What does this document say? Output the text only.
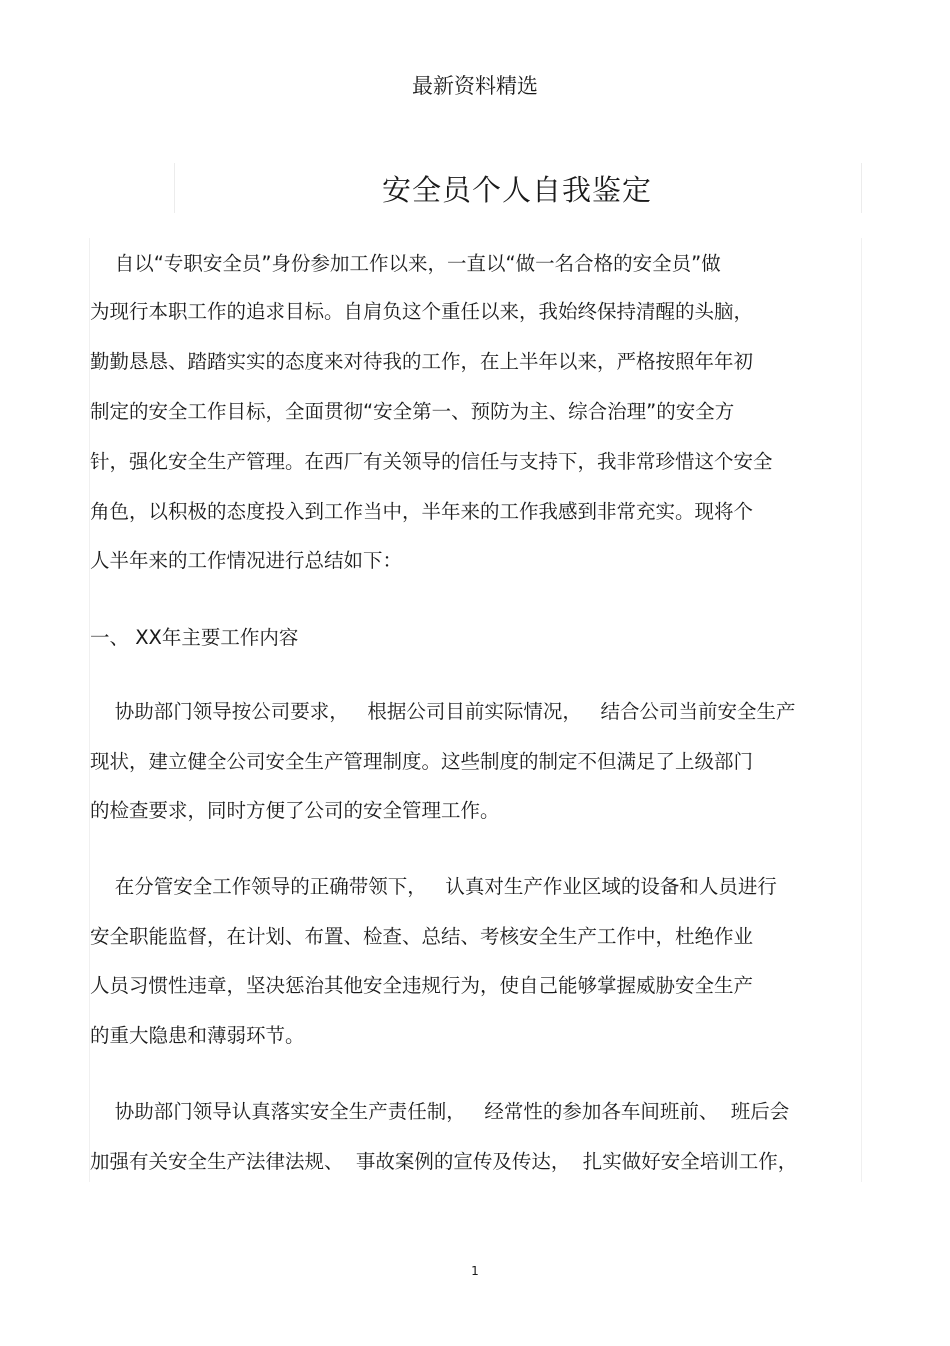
最新资料精选
安全员个人自我鉴定
自以“专职安全员”身份参加工作以来，一直以“做一名合格的安全员”做
为现行本职工作的追求目标。自肩负这个重任以来，我始终保持清醒的头脑，
勤勤恳恳、踏踏实实的态度来对待我的工作，在上半年以来，严格按照年年初
制定的安全工作目标，全面贯彻“安全第一、预防为主、综合治理”的安全方
针，强化安全生产管理。在西厂有关领导的信任与支持下，我非常珍惜这个安全
角色，以积极的态度投入到工作当中，半年来的工作我感到非常充实。现将个
人半年来的工作情况进行总结如下：
一、 XX年主要工作内容
协助部门领导按公司要求，   根据公司目前实际情况，   结合公司当前安全生产
现状，建立健全公司安全生产管理制度。这些制度的制定不但满足了上级部门
的检查要求，同时方便了公司的安全管理工作。
在分管安全工作领导的正确带领下，   认真对生产作业区域的设备和人员进行
安全职能监督，在计划、布置、检查、总结、考核安全生产工作中，杜绝作业
人员习惯性违章，坚决惩治其他安全违规行为，使自己能够掌握威胁安全生产
的重大隐患和薄弱环节。
协助部门领导认真落实安全生产责任制，   经常性的参加各车间班前、  班后会
加强有关安全生产法律法规、  事故案例的宣传及传达，  扎实做好安全培训工作，
1
